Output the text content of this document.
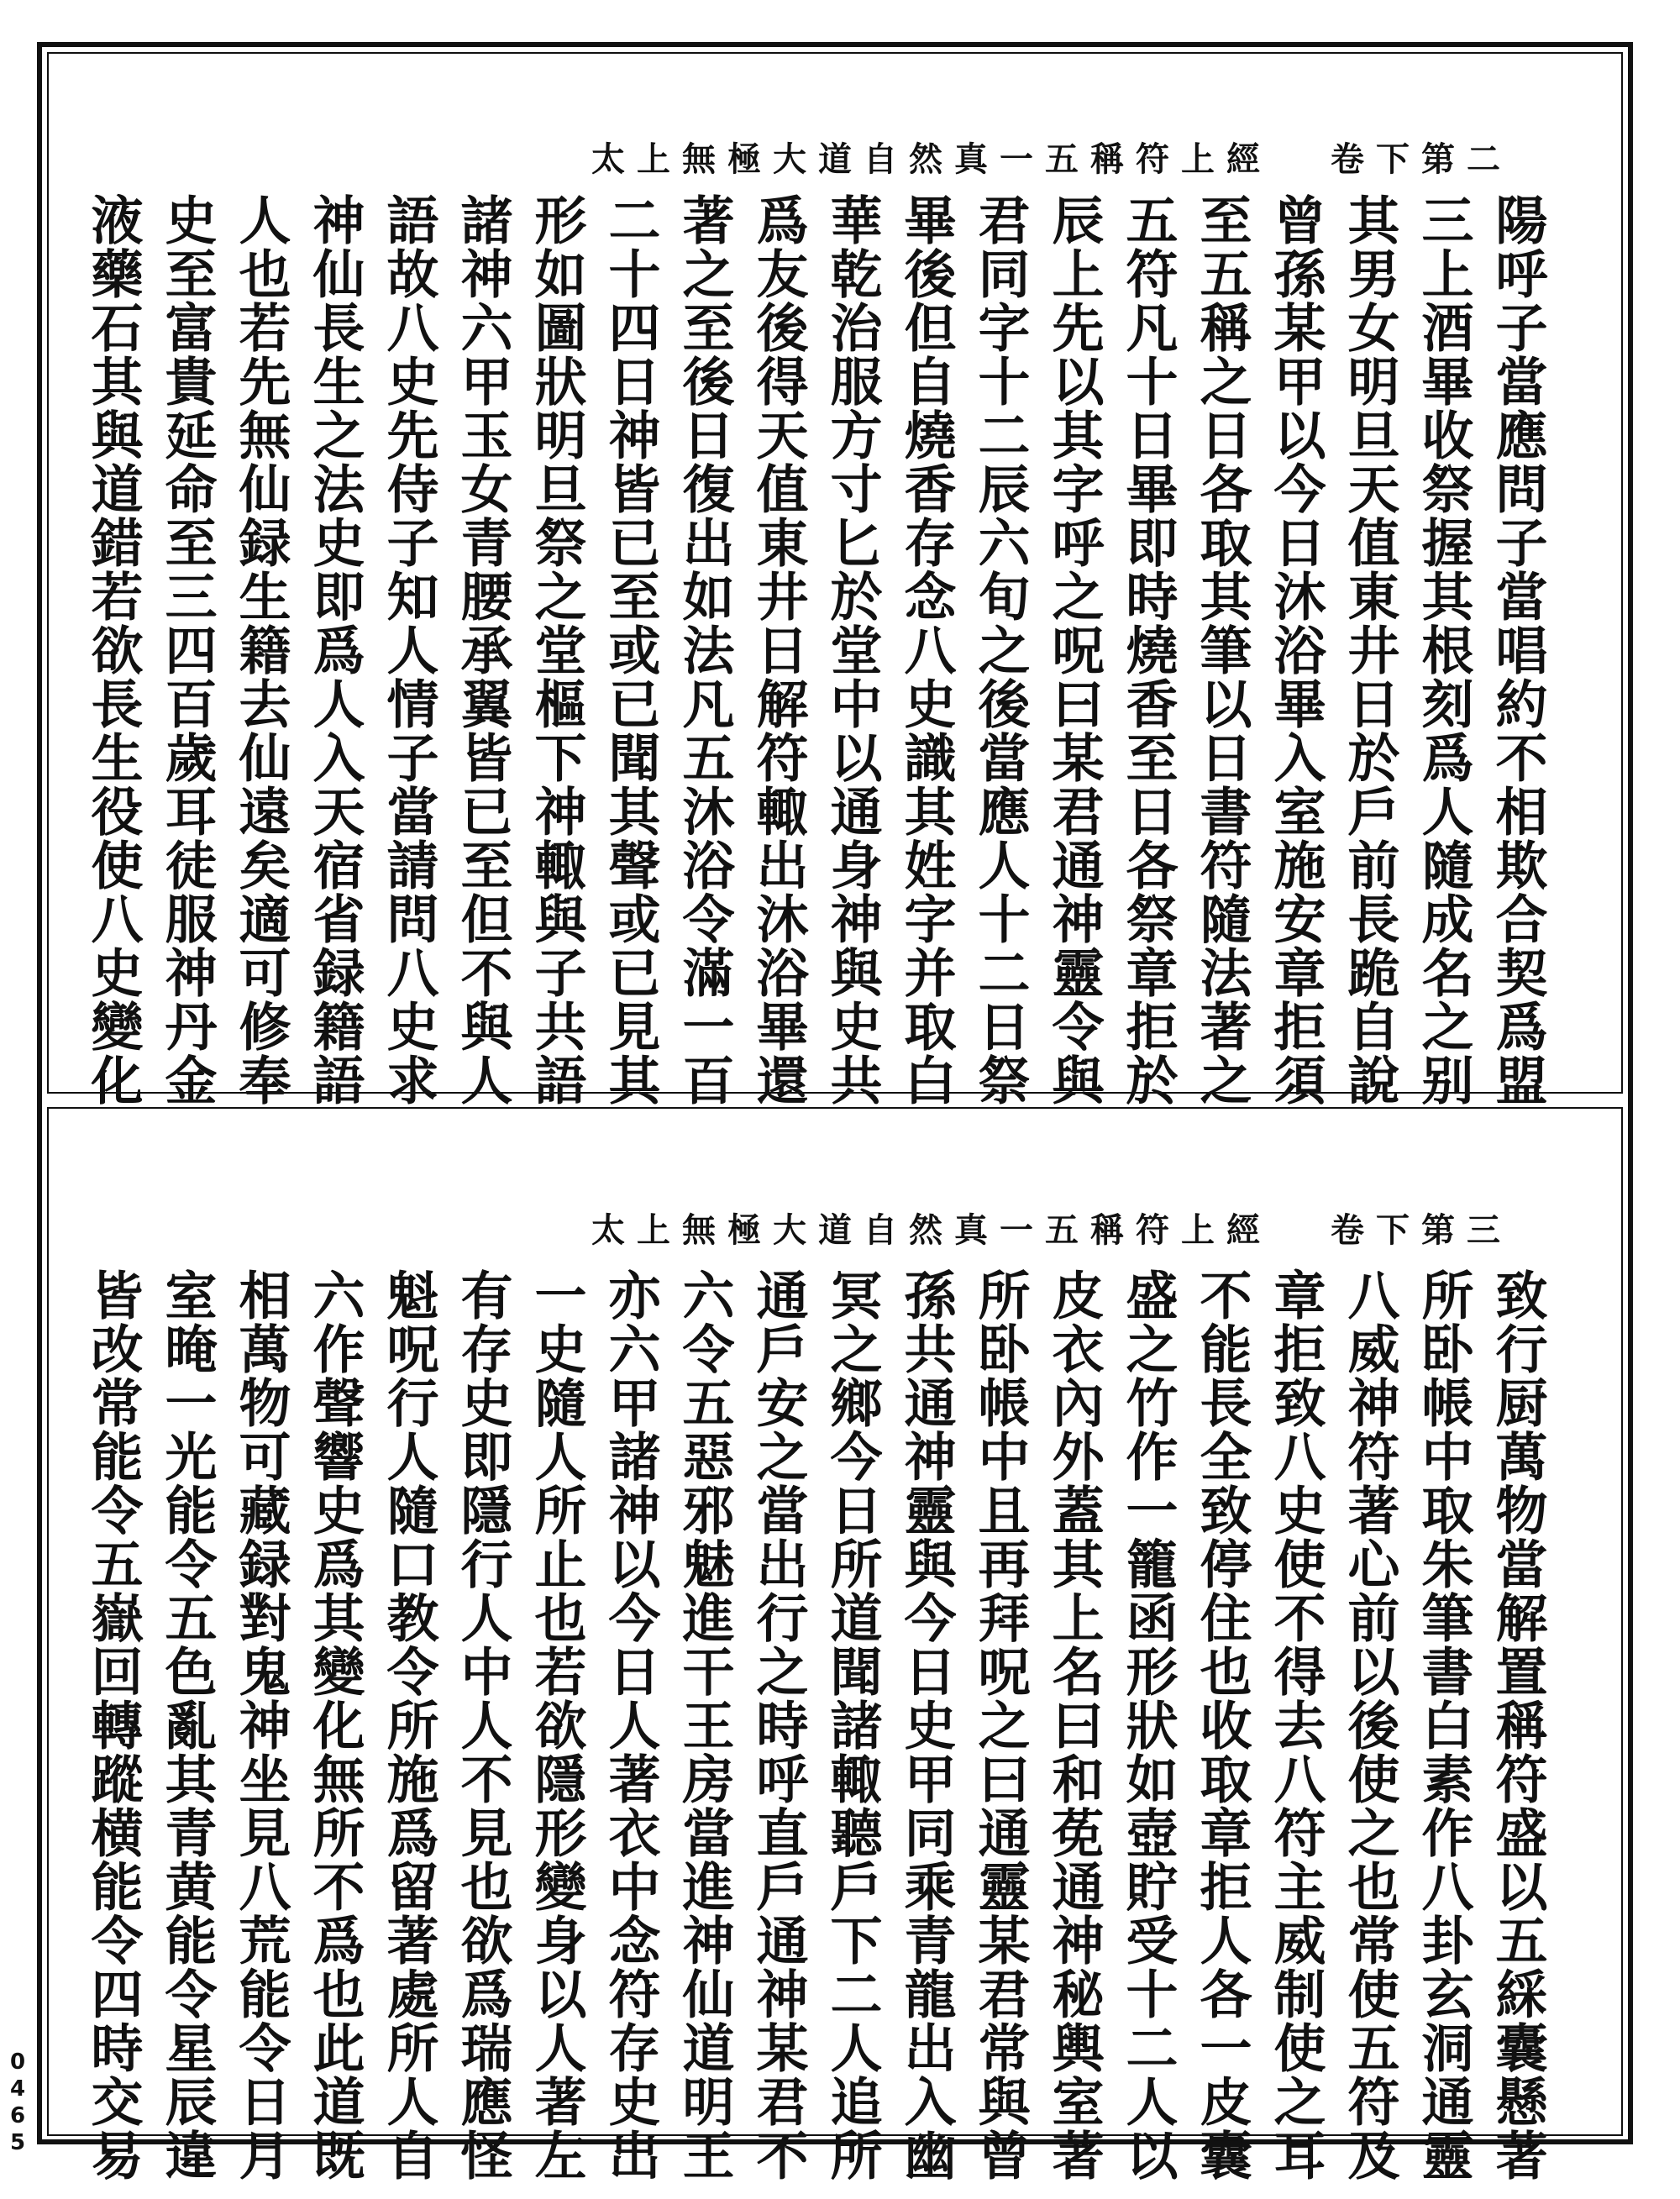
太上無極大道自然真一五稱符上經 卷下第二
陽呼子當應問子當唱約不相欺合契爲盟
三上酒畢收祭握其根刻爲人隨成名之别
其男女明旦天值東井日於戶前長跪自說
曾孫某甲以今日沐浴畢入室施安章拒須
至五稱之日各取其筆以日書符隨法著之
五符凡十日畢即時燒香至日各祭章拒於
辰上先以其字呼之呪曰某君通神靈令與
君同字十二辰六旬之後當應人十二日祭
畢後但自燒香存念八史識其姓字并取白
華乾治服方寸匕於堂中以通身神與史共
爲友後得天值東井日解符輙出沐浴畢還
著之至後日復出如法凡五沐浴令滿一百
二十四日神皆已至或已聞其聲或已見其
形如圖狀明旦祭之堂樞下神輙與子共語
諸神六甲玉女青腰承翼皆已至但不與人
語故八史先侍子知人情子當請問八史求
神仙長生之法史即爲人入天宿省録籍語
人也若先無仙録生籍去仙遠矣適可修奉
史至富貴延命至三四百歲耳徒服神丹金
液藥石其與道錯若欲長生役使八史變化
太上無極大道自然真一五稱符上經 卷下第三
致行厨萬物當解置稱符盛以五綵囊懸著
所卧帳中取朱筆書白素作八卦玄洞通靈
八威神符著心前以後使之也常使五符及
章拒致八史使不得去八符主威制使之耳
不能長全致停住也收取章拒人各一皮囊
盛之竹作一籠函形狀如壺貯受十二人以
皮衣內外蓋其上名曰和莬通神秘輿室著
所卧帳中且再拜呪之曰通靈某君常與曾
孫共通神靈與今日史甲同乘青龍出入幽
冥之鄉今日所道聞諸輙聽戶下二人追所
通戶安之當出行之時呼直戶通神某君不
六令五惡邪魅進干王房當進神仙道明王
亦六甲諸神以今日人著衣中念符存史出
一史隨人所止也若欲隱形變身以人著左
有存史即隱行人中人不見也欲爲瑞應怪
魁呪行人隨口教令所施爲留著處所人自
六作聲響史爲其變化無所不爲也此道既
相萬物可藏録對鬼神坐見八荒能令日月
室晻一光能令五色亂其青黄能令星辰違
皆改常能令五嶽回轉蹤横能令四時交易
0465
